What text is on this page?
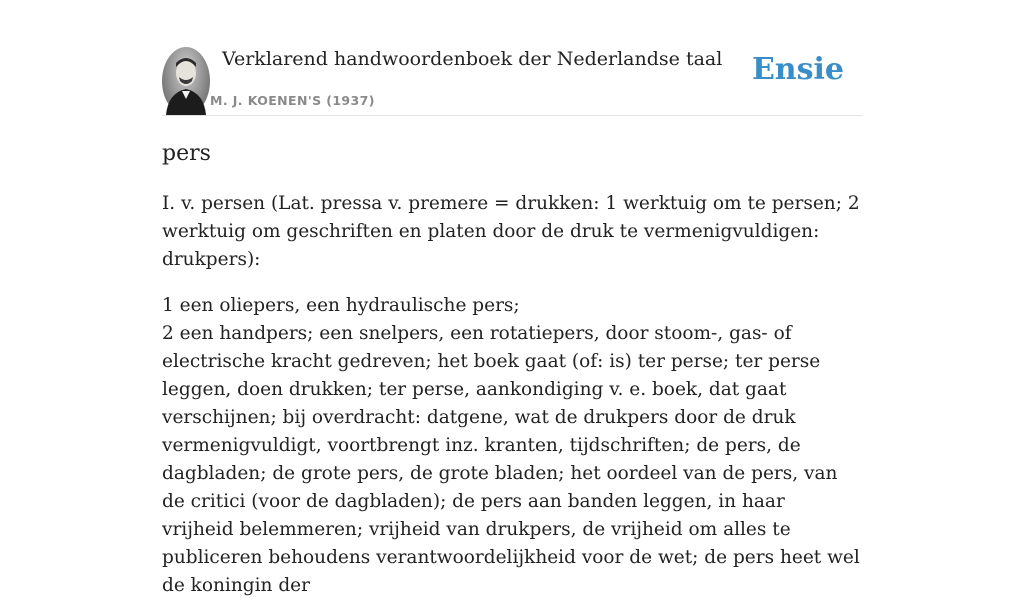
Verklarend handwoordenboek der Nederlandse taal
M. J. KOENEN'S (1937)
Ensie
pers

I. v. persen (Lat. pressa v. premere = drukken: 1 werktuig om te persen; 2 werktuig om geschriften en platen door de druk te vermenigvuldigen: drukpers):

1 een oliepers, een hydraulische pers;

2 een handpers; een snelpers, een rotatiepers, door stoom-, gas- of electrische kracht gedreven; het boek gaat (of: is) ter perse; ter perse leggen, doen drukken; ter perse, aankondiging v. e. boek, dat gaat verschijnen; bij overdracht: datgene, wat de drukpers door de druk vermenigvuldigt, voortbrengt inz. kranten, tijdschriften; de pers, de dagbladen; de grote pers, de grote bladen; het oordeel van de pers, van de critici (voor de dagbladen); de pers aan banden leggen, in haar vrijheid belemmeren; vrijheid van drukpers, de vrijheid om alles te publiceren behoudens verantwoordelijkheid voor de wet; de pers heet wel de koningin der
